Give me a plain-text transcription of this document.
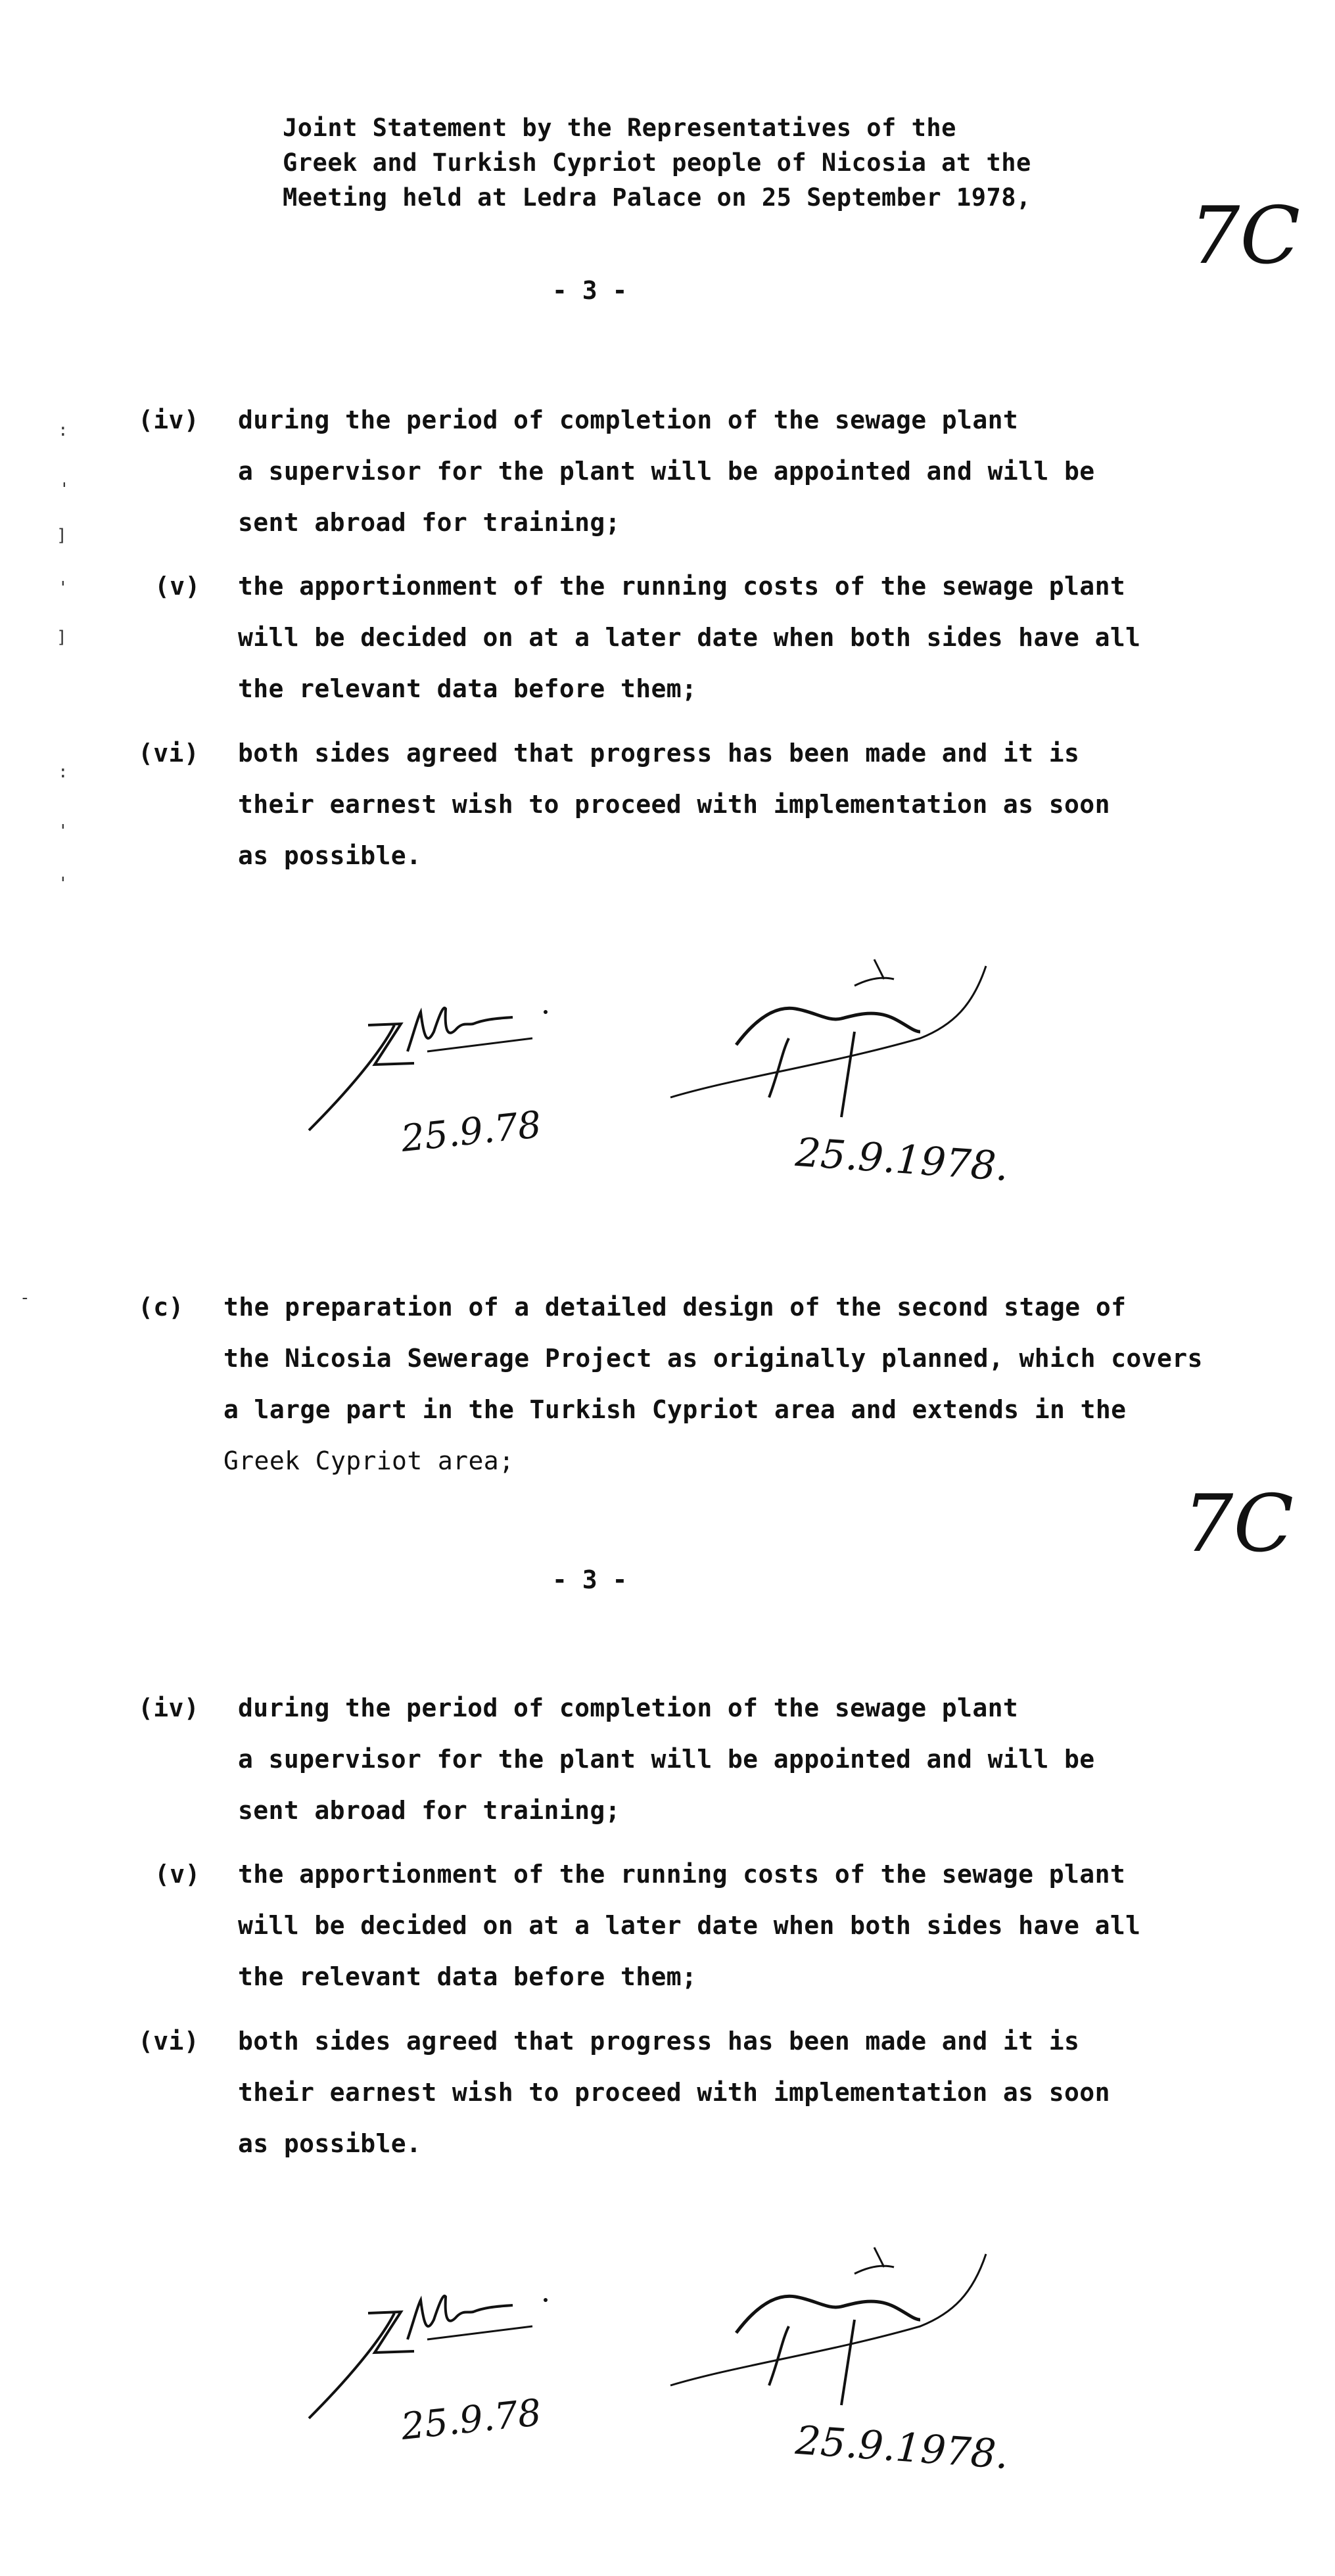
Joint Statement by the Representatives of the
Greek and Turkish Cypriot people of Nicosia at the
Meeting held at Ledra Palace on 25 September 1978, 7C
- 3 -
:
'
]
'
]
:
'
'
-
(iv) during the period of completion of the sewage plant
a supervisor for the plant will be appointed and will be
sent abroad for training;
(v) the apportionment of the running costs of the sewage plant
will be decided on at a later date when both sides have all
the relevant data before them;
(vi) both sides agreed that progress has been made and it is
their earnest wish to proceed with implementation as soon
as possible.
25.9.78	25.9.1978.
(c) the preparation of a detailed design of the second stage of
the Nicosia Sewerage Project as originally planned, which covers
a large part in the Turkish Cypriot area and extends in the
Greek Cypriot area;
7C
- 3 -
(iv) during the period of completion of the sewage plant
a supervisor for the plant will be appointed and will be
sent abroad for training;
(v) the apportionment of the running costs of the sewage plant
will be decided on at a later date when both sides have all
the relevant data before them;
(vi) both sides agreed that progress has been made and it is
their earnest wish to proceed with implementation as soon
as possible.
25.9.78	25.9.1978.
